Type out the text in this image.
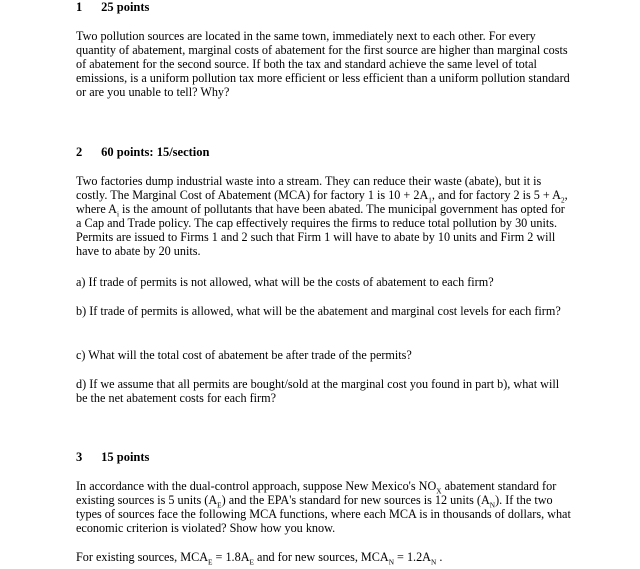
1 25 points
Two pollution sources are located in the same town, immediately next to each other. For every quantity of abatement, marginal costs of abatement for the first source are higher than marginal costs of abatement for the second source. If both the tax and standard achieve the same level of total emissions, is a uniform pollution tax more efficient or less efficient than a uniform pollution standard or are you unable to tell? Why?
2 60 points: 15/section
Two factories dump industrial waste into a stream. They can reduce their waste (abate), but it is costly. The Marginal Cost of Abatement (MCA) for factory 1 is $10 + 2A_1$, and for factory 2 is $5 + A_2$, where $A_i$ is the amount of pollutants that have been abated. The municipal government has opted for a Cap and Trade policy. The cap effectively requires the firms to reduce total pollution by 30 units. Permits are issued to Firms 1 and 2 such that Firm 1 will have to abate by 10 units and Firm 2 will have to abate by 20 units.
a) If trade of permits is not allowed, what will be the costs of abatement to each firm?
b) If trade of permits is allowed, what will be the abatement and marginal cost levels for each firm?
c) What will the total cost of abatement be after trade of the permits?
d) If we assume that all permits are bought/sold at the marginal cost you found in part b), what will be the net abatement costs for each firm?
3 15 points
In accordance with the dual-control approach, suppose New Mexico's $NO_X$ abatement standard for existing sources is 5 units $(A_E)$ and the EPA's standard for new sources is 12 units $(A_N)$. If the two types of sources face the following MCA functions, where each MCA is in thousands of dollars, what economic criterion is violated? Show how you know.
For existing sources, $MCA_E = 1.8A_E$ and for new sources, $MCA_N = 1.2A_N$ .
